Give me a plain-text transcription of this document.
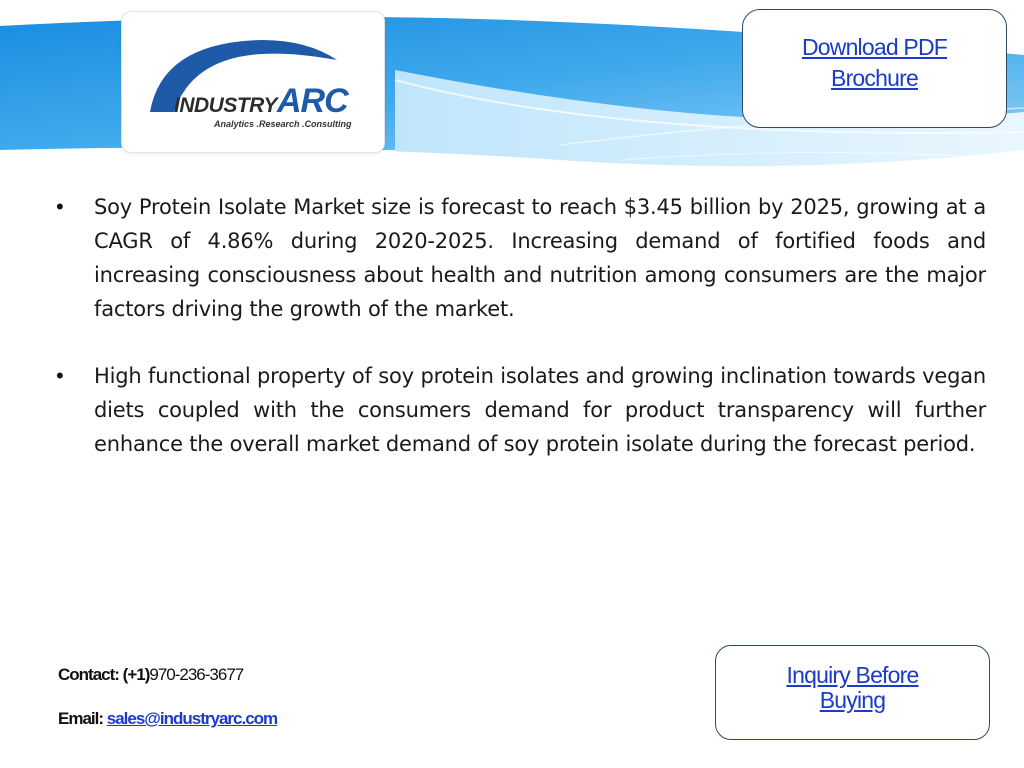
INDUSTRYARC
Analytics .Research .Consulting
Download PDF Brochure
•	Soy Protein Isolate Market size is forecast to reach $3.45 billion by 2025, growing at a CAGR of 4.86% during 2020-2025. Increasing demand of fortified foods and increasing consciousness about health and nutrition among consumers are the major factors driving the growth of the market.
•	High functional property of soy protein isolates and growing inclination towards vegan diets coupled with the consumers demand for product transparency will further enhance the overall market demand of soy protein isolate during the forecast period.
Contact: (+1)970-236-3677
Email: sales@industryarc.com
Inquiry Before Buying
